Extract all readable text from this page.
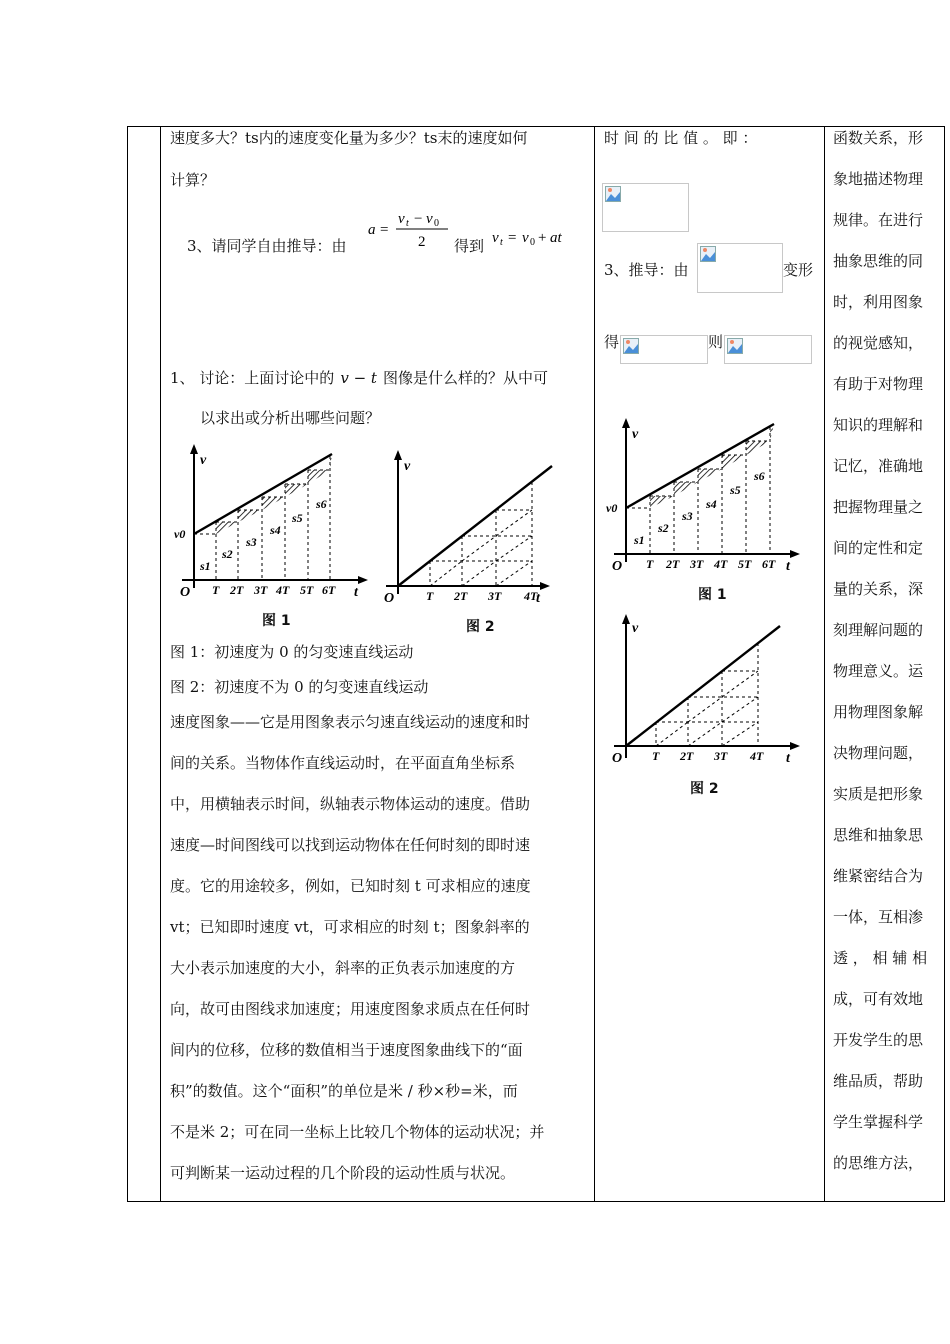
速度多大？ts内的速度变化量为多少？ts末的速度如何
计算？
3、请同学自由推导：由
a =
v t − v 0
2 得到 v t = v 0 + at
1、 讨论：上面讨论中的 v − t 图像是什么样的？从中可
以求出或分析出哪些问题？
v
t
O
v0
T 2T 3T 4T 5T 6T
s1
s2
s3
s4
s5
s6
图 1
v
t
O	T 2T 3T 4T
图 2
图 1：初速度为 0 的匀变速直线运动
图 2：初速度不为 0 的匀变速直线运动
速度图象——它是用图象表示匀速直线运动的速度和时
间的关系。当物体作直线运动时，在平面直角坐标系
中，用横轴表示时间，纵轴表示物体运动的速度。借助
速度—时间图线可以找到运动物体在任何时刻的即时速
度。它的用途较多，例如，已知时刻 t 可求相应的速度
vt；已知即时速度 vt，可求相应的时刻 t；图象斜率的
大小表示加速度的大小，斜率的正负表示加速度的方
向，故可由图线求加速度；用速度图象求质点在任何时
间内的位移，位移的数值相当于速度图象曲线下的“面
积”的数值。这个“面积”的单位是米 / 秒×秒=米，而
不是米 2；可在同一坐标上比较几个物体的运动状况；并
可判断某一运动过程的几个阶段的运动性质与状况。
时 间 的 比 值 。 即 ：
3、推导：由	变形
得	则
v
t
O
v0
T 2T 3T 4T 5T 6T
s1
s2
s3
s4
s5
s6
图 1
v
t
O T 2T 3T 4T
图 2
函数关系，形
象地描述物理
规律。在进行
抽象思维的同
时，利用图象
的视觉感知，
有助于对物理
知识的理解和
记忆，准确地
把握物理量之
间的定性和定
量的关系，深
刻理解问题的
物理意义。运
用物理图象解
决物理问题，
实质是把形象
思维和抽象思
维紧密结合为
一体，互相渗
透 ， 相 辅 相
成，可有效地
开发学生的思
维品质，帮助
学生掌握科学
的思维方法，
